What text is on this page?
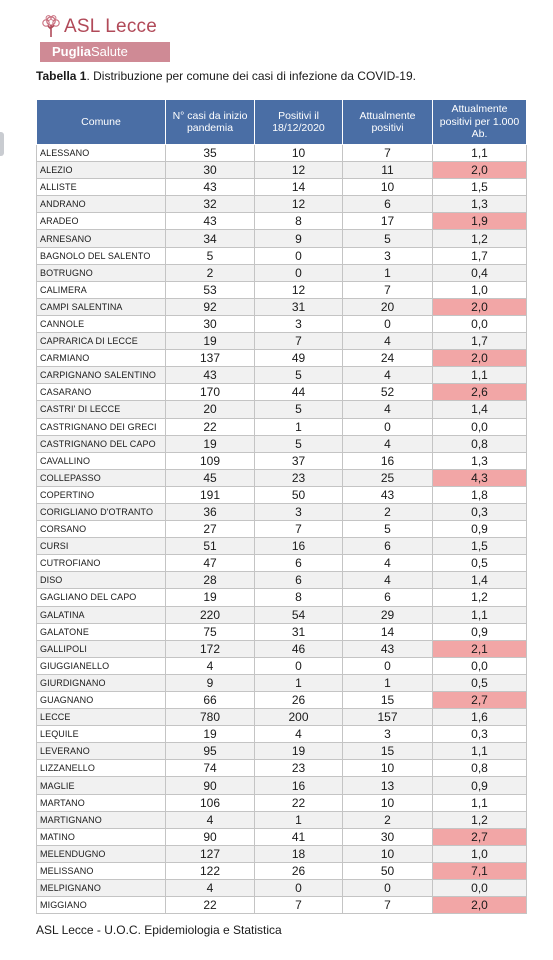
ASL Lecce
PugliaSalute
Tabella 1. Distribuzione per comune dei casi di infezione da COVID-19.
Comune	N° casi da inizio pandemia	Positivi il 18/12/2020	Attualmente positivi	Attualmente positivi per 1.000 Ab.
ALESSANO	35	10	7	1,1
ALEZIO	30	12	11	2,0
ALLISTE	43	14	10	1,5
ANDRANO	32	12	6	1,3
ARADEO	43	8	17	1,9
ARNESANO	34	9	5	1,2
BAGNOLO DEL SALENTO	5	0	3	1,7
BOTRUGNO	2	0	1	0,4
CALIMERA	53	12	7	1,0
CAMPI SALENTINA	92	31	20	2,0
CANNOLE	30	3	0	0,0
CAPRARICA DI LECCE	19	7	4	1,7
CARMIANO	137	49	24	2,0
CARPIGNANO SALENTINO	43	5	4	1,1
CASARANO	170	44	52	2,6
CASTRI' DI LECCE	20	5	4	1,4
CASTRIGNANO DEI GRECI	22	1	0	0,0
CASTRIGNANO DEL CAPO	19	5	4	0,8
CAVALLINO	109	37	16	1,3
COLLEPASSO	45	23	25	4,3
COPERTINO	191	50	43	1,8
CORIGLIANO D'OTRANTO	36	3	2	0,3
CORSANO	27	7	5	0,9
CURSI	51	16	6	1,5
CUTROFIANO	47	6	4	0,5
DISO	28	6	4	1,4
GAGLIANO DEL CAPO	19	8	6	1,2
GALATINA	220	54	29	1,1
GALATONE	75	31	14	0,9
GALLIPOLI	172	46	43	2,1
GIUGGIANELLO	4	0	0	0,0
GIURDIGNANO	9	1	1	0,5
GUAGNANO	66	26	15	2,7
LECCE	780	200	157	1,6
LEQUILE	19	4	3	0,3
LEVERANO	95	19	15	1,1
LIZZANELLO	74	23	10	0,8
MAGLIE	90	16	13	0,9
MARTANO	106	22	10	1,1
MARTIGNANO	4	1	2	1,2
MATINO	90	41	30	2,7
MELENDUGNO	127	18	10	1,0
MELISSANO	122	26	50	7,1
MELPIGNANO	4	0	0	0,0
MIGGIANO	22	7	7	2,0
ASL Lecce - U.O.C. Epidemiologia e Statistica
